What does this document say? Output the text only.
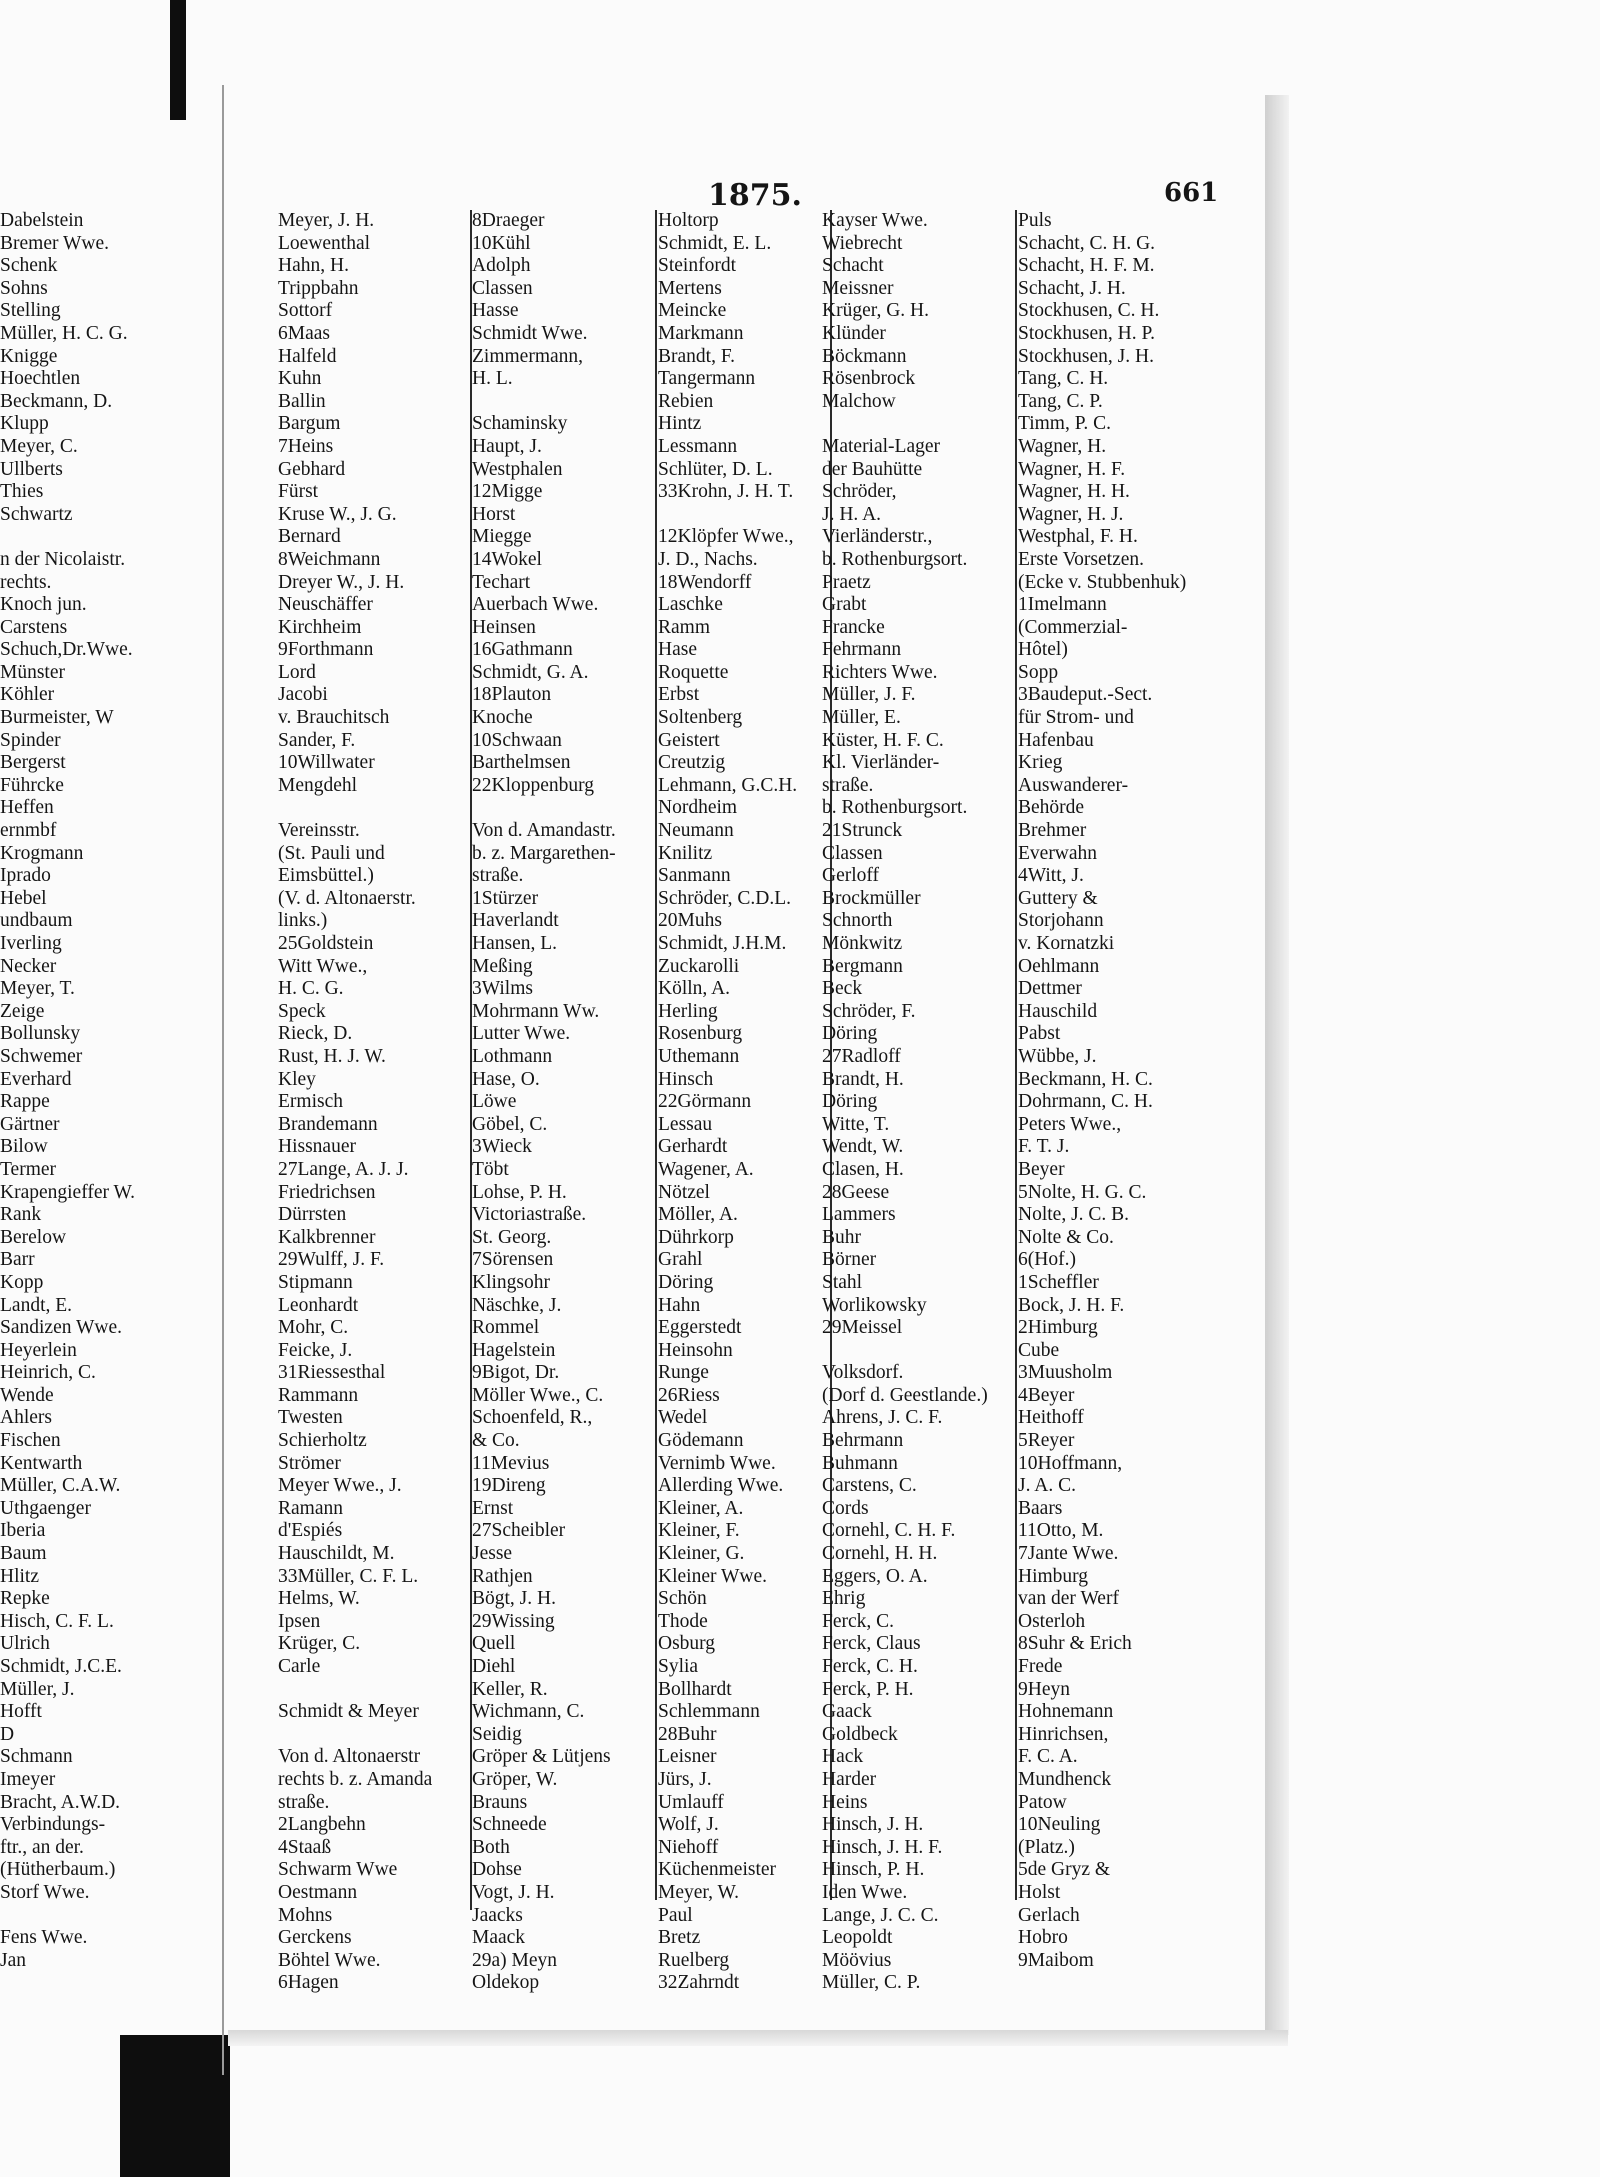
1875.	661
Dabelstein
Bremer Wwe.
Schenk
Sohns
Stelling
Müller, H. C. G.
Knigge
Hoechtlen
Beckmann, D.
Klupp
Meyer, C.
Ullberts
Thies
Schwartz
n der Nicolaistr.
rechts.
Knoch jun.
Carstens
Schuch,Dr.Wwe.
Münster
Köhler
Burmeister, W
Spinder
Bergerst
Führcke
Heffen
ernmbf
Krogmann
Iprado
Hebel
undbaum
Iverling
Necker
Meyer, T.
Zeige
Bollunsky
Schwemer
Everhard
Rappe
Gärtner
Bilow
Termer
Krapengieffer W.
Rank
Berelow
Barr
Kopp
Landt, E.
Sandizen Wwe.
Heyerlein
Heinrich, C.
Wende
Ahlers
Fischen
Kentwarth
Müller, C.A.W.
Uthgaenger
Iberia
Baum
Hlitz
Repke
Hisch, C. F. L.
Ulrich
Schmidt, J.C.E.
Müller, J.
Hofft
D
Schmann
Imeyer
Bracht, A.W.D.
Verbindungs-
ftr., an der.
(Hütherbaum.)
Storf Wwe.
Fens Wwe.
Jan
Meyer, J. H.
Loewenthal
Hahn, H.
Trippbahn
Sottorf
6Maas
Halfeld
Kuhn
Ballin
Bargum
7Heins
Gebhard
Fürst
Kruse W., J. G.
Bernard
8Weichmann
Dreyer W., J. H.
Neuschäffer
Kirchheim
9Forthmann
Lord
Jacobi
v. Brauchitsch
Sander, F.
10Willwater
Mengdehl
Vereinsstr.
(St. Pauli und
Eimsbüttel.)
(V. d. Altonaerstr.
links.)
25Goldstein
Witt Wwe.,
H. C. G.
Speck
Rieck, D.
Rust, H. J. W.
Kley
Ermisch
Brandemann
Hissnauer
27Lange, A. J. J.
Friedrichsen
Dürrsten
Kalkbrenner
29Wulff, J. F.
Stipmann
Leonhardt
Mohr, C.
Feicke, J.
31Riessesthal
Rammann
Twesten
Schierholtz
Strömer
Meyer Wwe., J.
Ramann
d'Espiés
Hauschildt, M.
33Müller, C. F. L.
Helms, W.
Ipsen
Krüger, C.
Carle
Schmidt & Meyer
Von d. Altonaerstr
rechts b. z. Amanda
straße.
2Langbehn
4Staaß
Schwarm Wwe
Oestmann
Mohns
Gerckens
Böhtel Wwe.
6Hagen
8Draeger
10Kühl
Adolph
Classen
Hasse
Schmidt Wwe.
Zimmermann,
H. L.
Schaminsky
Haupt, J.
Westphalen
12Migge
Horst
Miegge
14Wokel
Techart
Auerbach Wwe.
Heinsen
16Gathmann
Schmidt, G. A.
18Plauton
Knoche
10Schwaan
Barthelmsen
22Kloppenburg
Von d. Amandastr.
b. z. Margarethen-
straße.
1Stürzer
Haverlandt
Hansen, L.
Meßing
3Wilms
Mohrmann Ww.
Lutter Wwe.
Lothmann
Hase, O.
Löwe
Göbel, C.
3Wieck
Töbt
Lohse, P. H.
Victoriastraße.
St. Georg.
7Sörensen
Klingsohr
Näschke, J.
Rommel
Hagelstein
9Bigot, Dr.
Möller Wwe., C.
Schoenfeld, R.,
& Co.
11Mevius
19Direng
Ernst
27Scheibler
Jesse
Rathjen
Bögt, J. H.
29Wissing
Quell
Diehl
Keller, R.
Wichmann, C.
Seidig
Gröper & Lütjens
Gröper, W.
Brauns
Schneede
Both
Dohse
Vogt, J. H.
Jaacks
Maack
29a) Meyn
Oldekop
Holtorp
Schmidt, E. L.
Steinfordt
Mertens
Meincke
Markmann
Brandt, F.
Tangermann
Rebien
Hintz
Lessmann
Schlüter, D. L.
33Krohn, J. H. T.
12Klöpfer Wwe.,
J. D., Nachs.
18Wendorff
Laschke
Ramm
Hase
Roquette
Erbst
Soltenberg
Geistert
Creutzig
Lehmann, G.C.H.
Nordheim
Neumann
Knilitz
Sanmann
Schröder, C.D.L.
20Muhs
Schmidt, J.H.M.
Zuckarolli
Kölln, A.
Herling
Rosenburg
Uthemann
Hinsch
22Görmann
Lessau
Gerhardt
Wagener, A.
Nötzel
Möller, A.
Dührkorp
Grahl
Döring
Hahn
Eggerstedt
Heinsohn
Runge
26Riess
Wedel
Gödemann
Vernimb Wwe.
Allerding Wwe.
Kleiner, A.
Kleiner, F.
Kleiner, G.
Kleiner Wwe.
Schön
Thode
Osburg
Sylia
Bollhardt
Schlemmann
28Buhr
Leisner
Jürs, J.
Umlauff
Wolf, J.
Niehoff
Küchenmeister
Meyer, W.
Paul
Bretz
Ruelberg
32Zahrndt
Kayser Wwe.
Wiebrecht
Schacht
Meissner
Krüger, G. H.
Klünder
Böckmann
Rösenbrock
Malchow
Material-Lager
der Bauhütte
Schröder,
J. H. A.
Vierländerstr.,
b. Rothenburgsort.
Praetz
Grabt
Francke
Fehrmann
Richters Wwe.
Müller, J. F.
Müller, E.
Küster, H. F. C.
Kl. Vierländer-
straße.
b. Rothenburgsort.
21Strunck
Classen
Gerloff
Brockmüller
Schnorth
Mönkwitz
Bergmann
Beck
Schröder, F.
Döring
27Radloff
Brandt, H.
Döring
Witte, T.
Wendt, W.
Clasen, H.
28Geese
Lammers
Buhr
Börner
Stahl
Worlikowsky
29Meissel
Volksdorf.
(Dorf d. Geestlande.)
Ahrens, J. C. F.
Behrmann
Buhmann
Carstens, C.
Cords
Cornehl, C. H. F.
Cornehl, H. H.
Eggers, O. A.
Ehrig
Ferck, C.
Ferck, Claus
Ferck, C. H.
Ferck, P. H.
Gaack
Goldbeck
Hack
Harder
Heins
Hinsch, J. H.
Hinsch, J. H. F.
Hinsch, P. H.
Iden Wwe.
Lange, J. C. C.
Leopoldt
Möövius
Müller, C. P.
Puls
Schacht, C. H. G.
Schacht, H. F. M.
Schacht, J. H.
Stockhusen, C. H.
Stockhusen, H. P.
Stockhusen, J. H.
Tang, C. H.
Tang, C. P.
Timm, P. C.
Wagner, H.
Wagner, H. F.
Wagner, H. H.
Wagner, H. J.
Westphal, F. H.
Erste Vorsetzen.
(Ecke v. Stubbenhuk)
1Imelmann
(Commerzial-
Hôtel)
Sopp
3Baudeput.-Sect.
für Strom- und
Hafenbau
Krieg
Auswanderer-
Behörde
Brehmer
Everwahn
4Witt, J.
Guttery &
Storjohann
v. Kornatzki
Oehlmann
Dettmer
Hauschild
Pabst
Wübbe, J.
Beckmann, H. C.
Dohrmann, C. H.
Peters Wwe.,
F. T. J.
Beyer
5Nolte, H. G. C.
Nolte, J. C. B.
Nolte & Co.
6(Hof.)
1Scheffler
Bock, J. H. F.
2Himburg
Cube
3Muusholm
4Beyer
Heithoff
5Reyer
10Hoffmann,
J. A. C.
Baars
11Otto, M.
7Jante Wwe.
Himburg
van der Werf
Osterloh
8Suhr & Erich
Frede
9Heyn
Hohnemann
Hinrichsen,
F. C. A.
Mundhenck
Patow
10Neuling
(Platz.)
5de Gryz &
Holst
Gerlach
Hobro
9Maibom
